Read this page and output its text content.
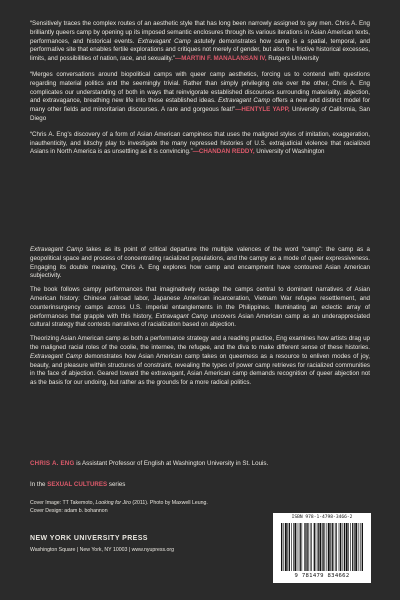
“Sensitively traces the complex routes of an aesthetic style that has long been narrowly assigned to gay men. Chris A. Eng brilliantly queers camp by opening up its imposed semantic enclosures through its various iterations in Asian American texts, performances, and historical events. Extravagant Camp astutely demonstrates how camp is a spatial, temporal, and performative site that enables fertile explorations and critiques not merely of gender, but also the frictive historical excesses, limits, and possibilities of nation, race, and sexuality.”—MARTIN F. MANALANSAN IV, Rutgers University

“Merges conversations around biopolitical camps with queer camp aesthetics, forcing us to contend with questions regarding material politics and the seemingly trivial. Rather than simply privileging one over the other, Chris A. Eng complicates our understanding of both in ways that reinvigorate established discourses surrounding materiality, abjection, and extravagance, breathing new life into these established ideas. Extravagant Camp offers a new and distinct model for many other fields and minoritarian discourses. A rare and gorgeous feat!”—HENTYLE YAPP, University of California, San Diego

“Chris A. Eng’s discovery of a form of Asian American campiness that uses the maligned styles of imitation, exaggeration, inauthenticity, and kitschy play to investigate the many repressed histories of U.S. extrajudicial violence that racialized Asians in North America is as unsettling as it is convincing.”—CHANDAN REDDY, University of Washington

Extravagant Camp takes as its point of critical departure the multiple valences of the word “camp”: the camp as a geopolitical space and process of concentrating racialized populations, and the campy as a mode of queer expressiveness. Engaging its double meaning, Chris A. Eng explores how camp and encampment have contoured Asian American subjectivity.

The book follows campy performances that imaginatively restage the camps central to dominant narratives of Asian American history: Chinese railroad labor, Japanese American incarceration, Vietnam War refugee resettlement, and counterinsurgency camps across U.S. imperial entanglements in the Philippines. Illuminating an eclectic array of performances that grapple with this history, Extravagant Camp uncovers Asian American camp as an underappreciated cultural strategy that contests narratives of racialization based on abjection.

Theorizing Asian American camp as both a performance strategy and a reading practice, Eng examines how artists drag up the maligned racial roles of the coolie, the internee, the refugee, and the diva to make different sense of these histories. Extravagant Camp demonstrates how Asian American camp takes on queerness as a resource to enliven modes of joy, beauty, and pleasure within structures of constraint, revealing the types of power camp retrieves for racialized communities in the face of abjection. Geared toward the extravagant, Asian American camp demands recognition of queer abjection not as the basis for our undoing, but rather as the grounds for a more radical politics.

CHRIS A. ENG is Assistant Professor of English at Washington University in St. Louis.
In the SEXUAL CULTURES series
Cover Image: TT Takemoto, Looking for Jiro (2011). Photo by Maxwell Leung.
Cover Design: adam b. bohannon
NEW YORK UNIVERSITY PRESS
Washington Square | New York, NY 10003 | www.nyupress.org
ISBN 978-1-4798-3466-2
9 781479 834662
